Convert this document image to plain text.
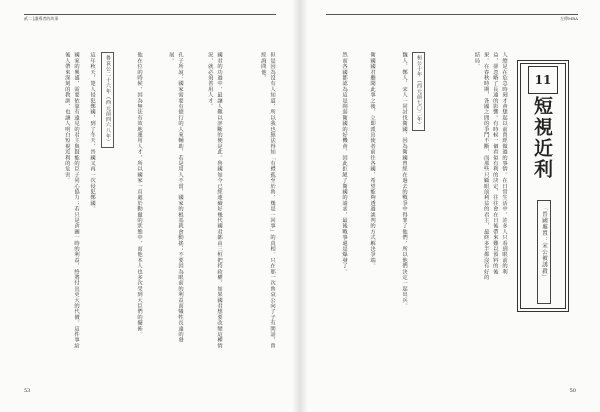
貳二│讓導者的故事
但是因為沒有人知道，所以我也無法得知「有禮孤至於魯，幾是一回事」的真相。只在那一次魯哀公向了子有問話，曾經詢問他。
國君的功過中，最讓人難以評斷的便是此。魯國如今已經連續好幾代國君都由三桓把持政權，如果國君想要改變這種情況，就必須善用人才。
孔子所說：國家需要有德行的人來輔助，若是用人不當，國家的根基就會動搖；不要因為眼前的利益而犧牲長遠的發展。
他在位的時候，因為無法有效地運用人才，所以國家一直處於動盪的狀態中，而他本人也多次受到大臣們的擺佈。
魯哀公二十六年（西元前四六八年）
這年秋天，楚人侵犯鄭國，到了冬天，晉國又再一次侵犯鄭國。
國家的興盛，需要依靠有遠見的君主與賢能的臣子同心協力；若只是貪圖一時的利益，終將付出更大的代價。這件事給後人帶來深刻的教訓，也讓人明白短視近利的危害。
53
左傳MBA
11
短視近利
「晉國處置：宋公被誘殺」
人總是在危急時刻才會想起以前曾經做過的事情。在日常生活中，許多人只看到眼前的利益，卻忽略了長遠的影響。有時候一個看似有利的決定，往往會在日後帶來難以預料的後果。在春秋時期，各國之間的爭鬥不斷，而那些只顧眼前利益的君主，最終多半都沒有好的結局。
桓公十年（西元前七〇二年）
魏人、鄭人、宋人一同討伐衛國，因為衛國曾經在過去的戰爭中得罪了他們，所以他們決定一起出兵。
衛國國君聽聞此事之後，立即派出使者前往各國，希望能夠透過談判的方式解決爭端。
然而各國都認為這是削弱衛國的好機會，因此拒絕了衛國的請求，最後戰事還是爆發了。
50
